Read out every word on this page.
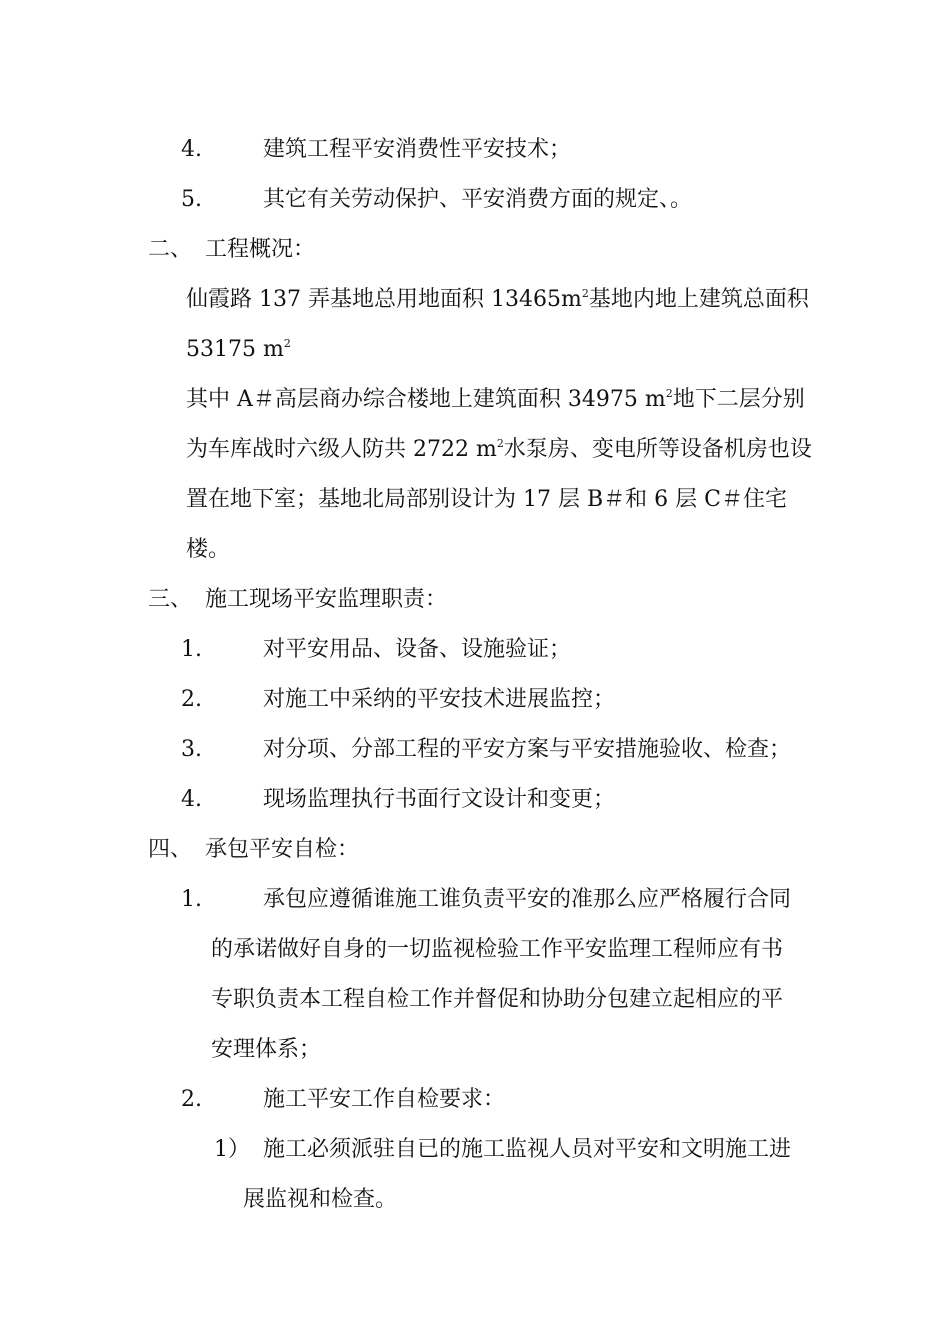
4.	建筑工程平安消费性平安技术；
5.	其它有关劳动保护、平安消费方面的规定、。
二、 工程概况：
仙霞路 137 弄基地总用地面积 $13465m^2$基地内地上建筑总面积
53175 $m^2$
其中 A＃高层商办综合楼地上建筑面积 34975 $m^2$地下二层分别
为车库战时六级人防共 2722 $m^2$水泵房、变电所等设备机房也设
置在地下室；基地北局部别设计为 17 层 B＃和 6 层 C＃住宅
楼。
三、 施工现场平安监理职责：
1.	对平安用品、设备、设施验证；
2.	对施工中采纳的平安技术进展监控；
3.	对分项、分部工程的平安方案与平安措施验收、检查；
4.	现场监理执行书面行文设计和变更；
四、 承包平安自检：
1.	承包应遵循谁施工谁负责平安的准那么应严格履行合同
的承诺做好自身的一切监视检验工作平安监理工程师应有书
专职负责本工程自检工作并督促和协助分包建立起相应的平
安理体系；
2.	施工平安工作自检要求：
1） 施工必须派驻自已的施工监视人员对平安和文明施工进
展监视和检查。
